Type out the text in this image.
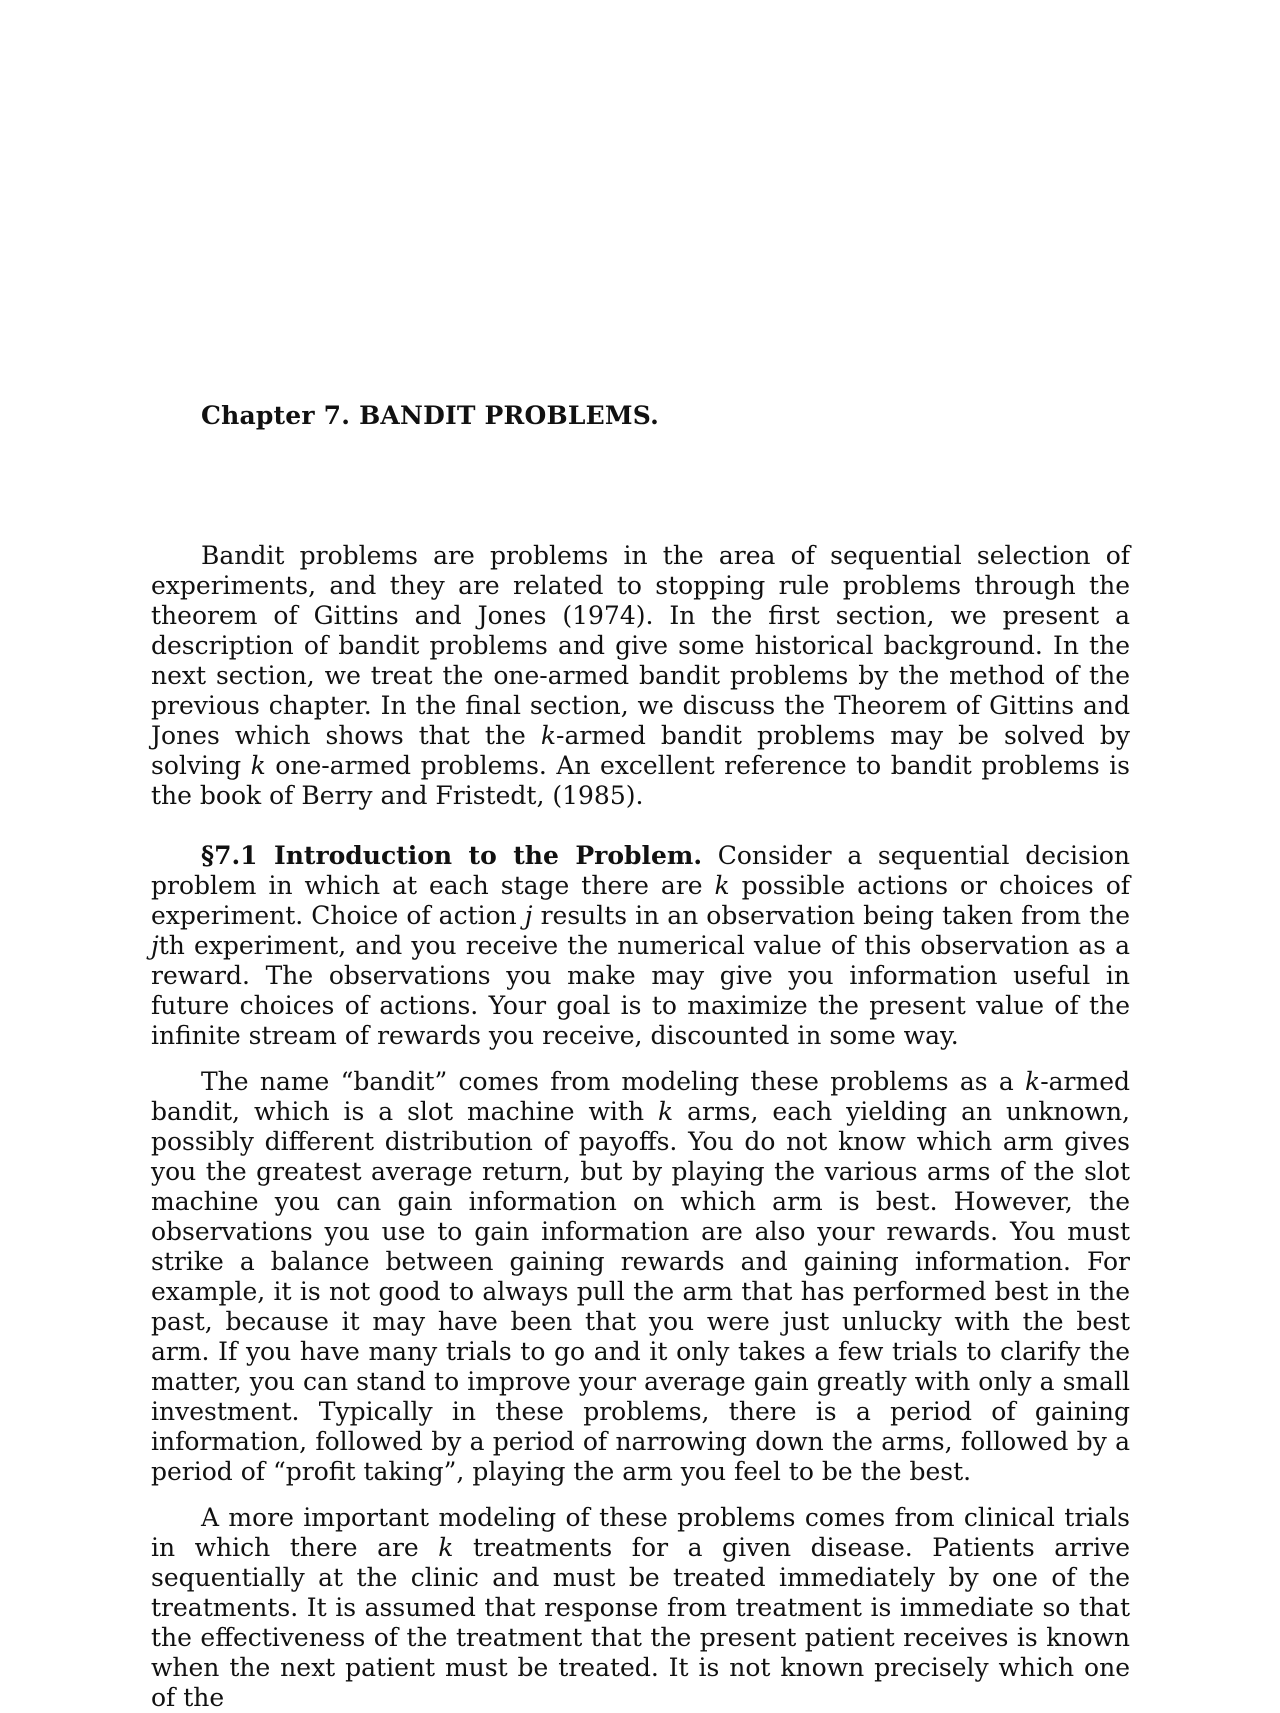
Chapter 7. BANDIT PROBLEMS.

Bandit problems are problems in the area of sequential selection of experiments, and they are related to stopping rule problems through the theorem of Gittins and Jones (1974). In the first section, we present a description of bandit problems and give some historical background. In the next section, we treat the one-armed bandit problems by the method of the previous chapter. In the final section, we discuss the Theorem of Gittins and Jones which shows that the k-armed bandit problems may be solved by solving k one-armed problems. An excellent reference to bandit problems is the book of Berry and Fristedt, (1985).

§7.1 Introduction to the Problem. Consider a sequential decision problem in which at each stage there are k possible actions or choices of experiment. Choice of action j results in an observation being taken from the jth experiment, and you receive the numerical value of this observation as a reward. The observations you make may give you information useful in future choices of actions. Your goal is to maximize the present value of the infinite stream of rewards you receive, discounted in some way.

The name “bandit” comes from modeling these problems as a k-armed bandit, which is a slot machine with k arms, each yielding an unknown, possibly different distribution of payoffs. You do not know which arm gives you the greatest average return, but by playing the various arms of the slot machine you can gain information on which arm is best. However, the observations you use to gain information are also your rewards. You must strike a balance between gaining rewards and gaining information. For example, it is not good to always pull the arm that has performed best in the past, because it may have been that you were just unlucky with the best arm. If you have many trials to go and it only takes a few trials to clarify the matter, you can stand to improve your average gain greatly with only a small investment. Typically in these problems, there is a period of gaining information, followed by a period of narrowing down the arms, followed by a period of “profit taking”, playing the arm you feel to be the best.

A more important modeling of these problems comes from clinical trials in which there are k treatments for a given disease. Patients arrive sequentially at the clinic and must be treated immediately by one of the treatments. It is assumed that response from treatment is immediate so that the effectiveness of the treatment that the present patient receives is known when the next patient must be treated. It is not known precisely which one of the
